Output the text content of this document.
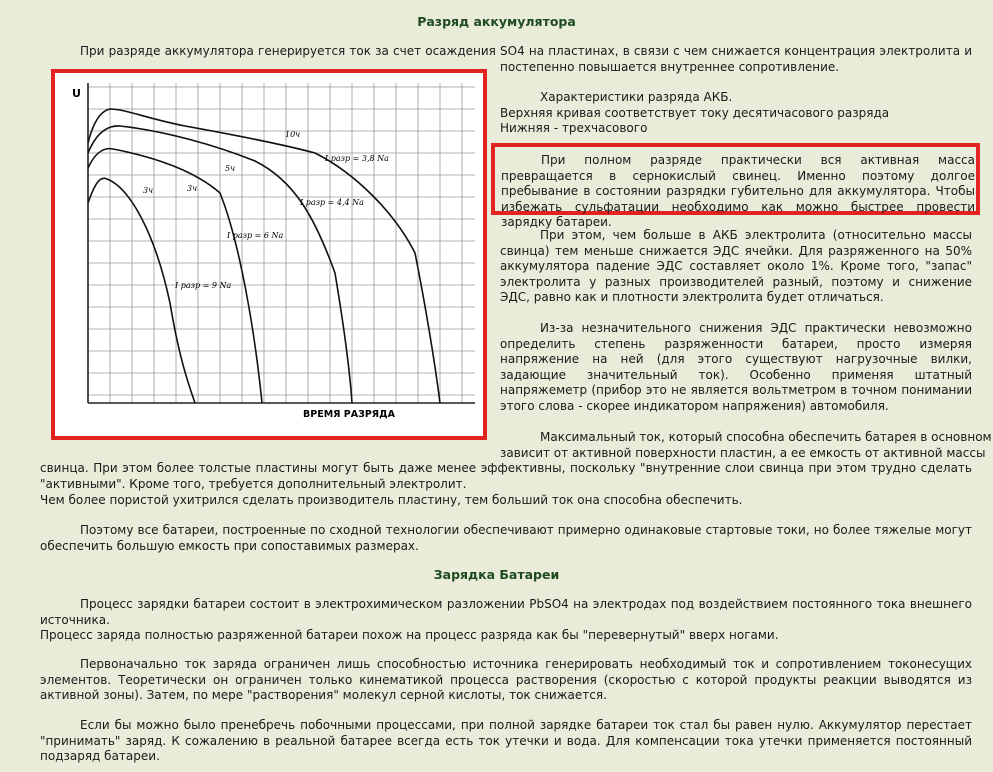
Разряд аккумулятора
При разряде аккумулятора генерируется ток за счет осаждения SO4 на пластинах, в связи с чем снижается концентрация электролита и
постепенно повышается внутреннее сопротивление.
U
ВРЕМЯ РАЗРЯДА
10ч
5ч
3ч
3ч
I разр = 3,8 Na
I разр = 4,4 Na
I разр = 6 Na
I разр = 9 Na
Характеристики разряда АКБ.
Верхняя кривая соответствует току десятичасового разряда
Нижняя - трехчасового
При полном разряде практически вся активная масса превращается в сернокислый свинец. Именно поэтому долгое пребывание в состоянии разрядки губительно для аккумулятора. Чтобы избежать сульфатации необходимо как можно быстрее провести зарядку батареи.
При этом, чем больше в АКБ электролита (относительно массы свинца) тем меньше снижается ЭДС ячейки. Для разряженного на 50% аккумулятора падение ЭДС составляет около 1%. Кроме того, "запас" электролита у разных производителей разный, поэтому и снижение ЭДС, равно как и плотности электролита будет отличаться.
Из-за незначительного снижения ЭДС практически невозможно определить степень разряженности батареи, просто измеряя напряжение на ней (для этого существуют нагрузочные вилки, задающие значительный ток). Особенно применяя штатный напряжеметр (прибор это не является вольтметром в точном понимании этого слова - скорее индикатором напряжения) автомобиля.
Максимальный ток, который способна обеспечить батарея в основном
зависит от активной поверхности пластин, а ее емкость от активной массы
свинца. При этом более толстые пластины могут быть даже менее эффективны, поскольку "внутренние слои свинца при этом трудно сделать "активными". Кроме того, требуется дополнительный электролит.
Чем более пористой ухитрился сделать производитель пластину, тем больший ток она способна обеспечить.
Поэтому все батареи, построенные по сходной технологии обеспечивают примерно одинаковые стартовые токи, но более тяжелые могут обеспечить большую емкость при сопоставимых размерах.
Зарядка Батареи
Процесс зарядки батареи состоит в электрохимическом разложении PbSO4 на электродах под воздействием постоянного тока внешнего источника.
Процесс заряда полностью разряженной батареи похож на процесс разряда как бы "перевернутый" вверх ногами.
Первоначально ток заряда ограничен лишь способностью источника генерировать необходимый ток и сопротивлением токонесущих элементов. Теоретически он ограничен только кинематикой процесса растворения (скоростью с которой продукты реакции выводятся из активной зоны). Затем, по мере "растворения" молекул серной кислоты, ток снижается.
Если бы можно было пренебречь побочными процессами, при полной зарядке батареи ток стал бы равен нулю. Аккумулятор перестает "принимать" заряд. К сожалению в реальной батарее всегда есть ток утечки и вода. Для компенсации тока утечки применяется постоянный подзаряд батареи.
